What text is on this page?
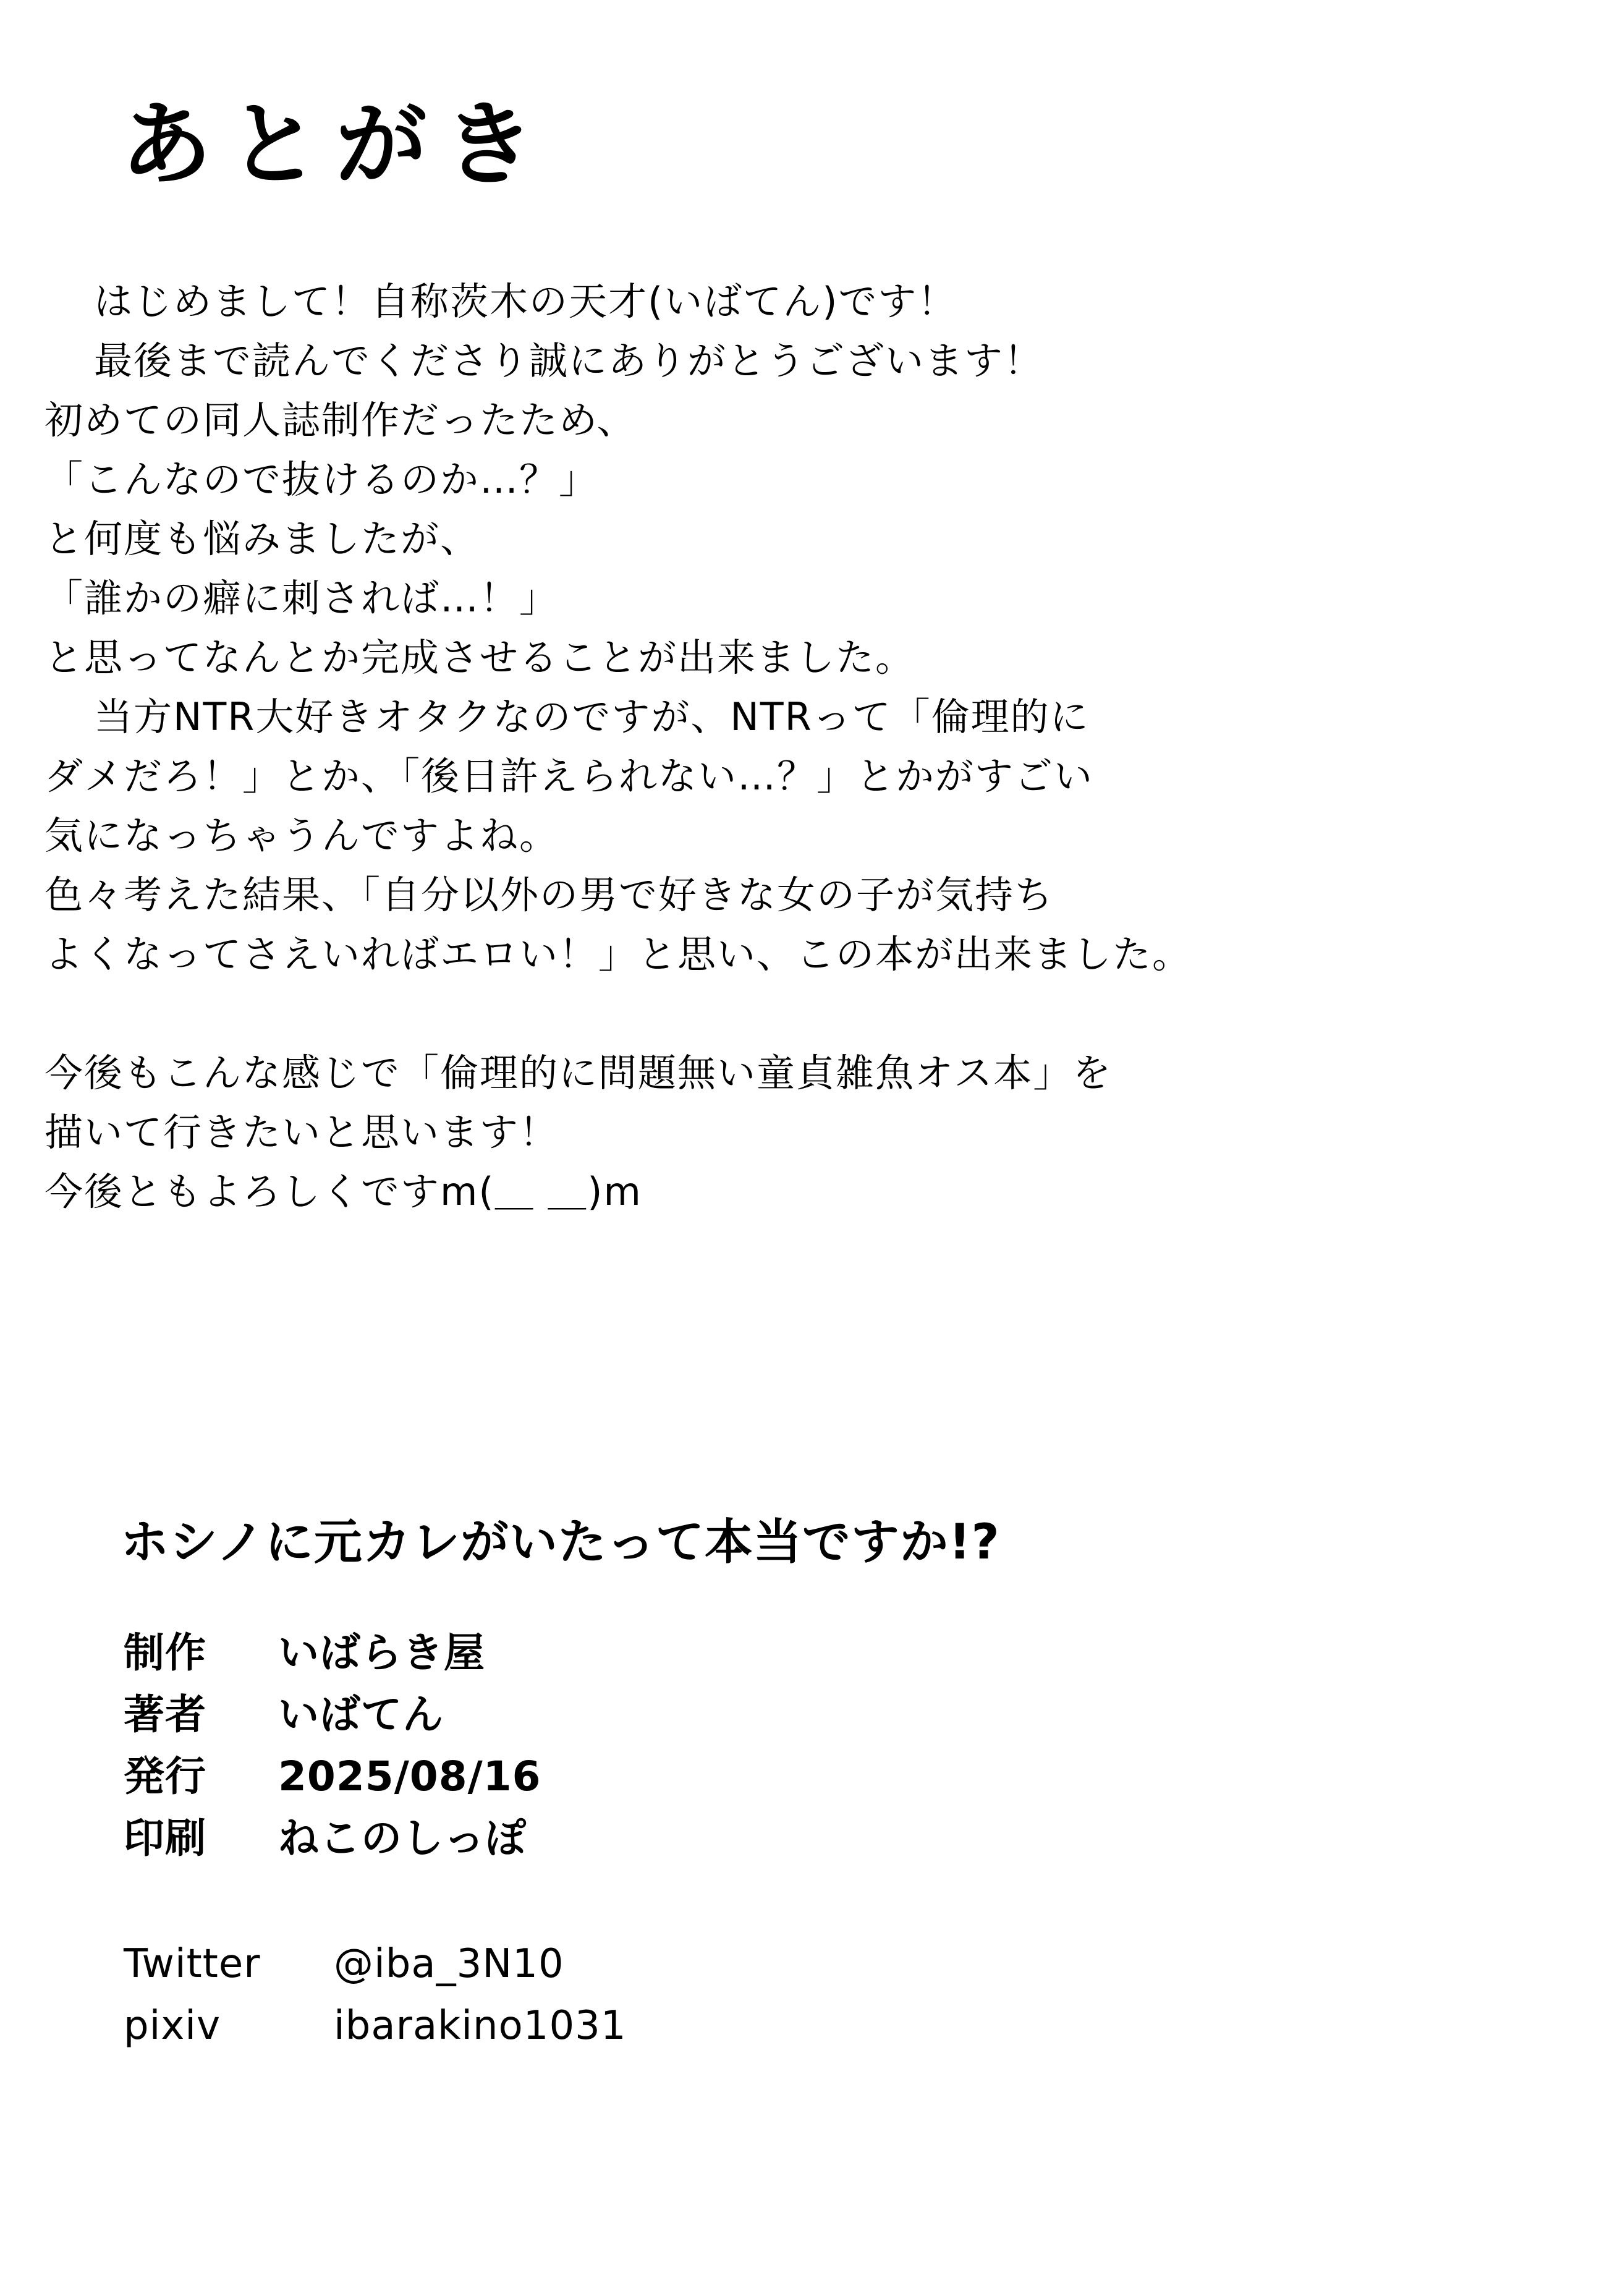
あとがき
はじめまして！自称茨木の天才(いばてん)です！
最後まで読んでくださり誠にありがとうございます！
初めての同人誌制作だったため、
「こんなので抜けるのか…？」
と何度も悩みましたが、
「誰かの癖に刺されば…！」
と思ってなんとか完成させることが出来ました。
当方NTR大好きオタクなのですが、NTRって「倫理的に
ダメだろ！」とか、「後日許えられない…？」とかがすごい
気になっちゃうんですよね。
色々考えた結果、「自分以外の男で好きな女の子が気持ち
よくなってさえいればエロい！」と思い、この本が出来ました。
今後もこんな感じで「倫理的に問題無い童貞雑魚オス本」を
描いて行きたいと思います！
今後ともよろしくですm(＿ ＿)m
ホシノに元カレがいたって本当ですか!?
制作	いばらき屋
著者	いばてん
発行	2025/08/16
印刷	ねこのしっぽ
Twitter	@iba_3N10
pixiv	ibarakino1031
